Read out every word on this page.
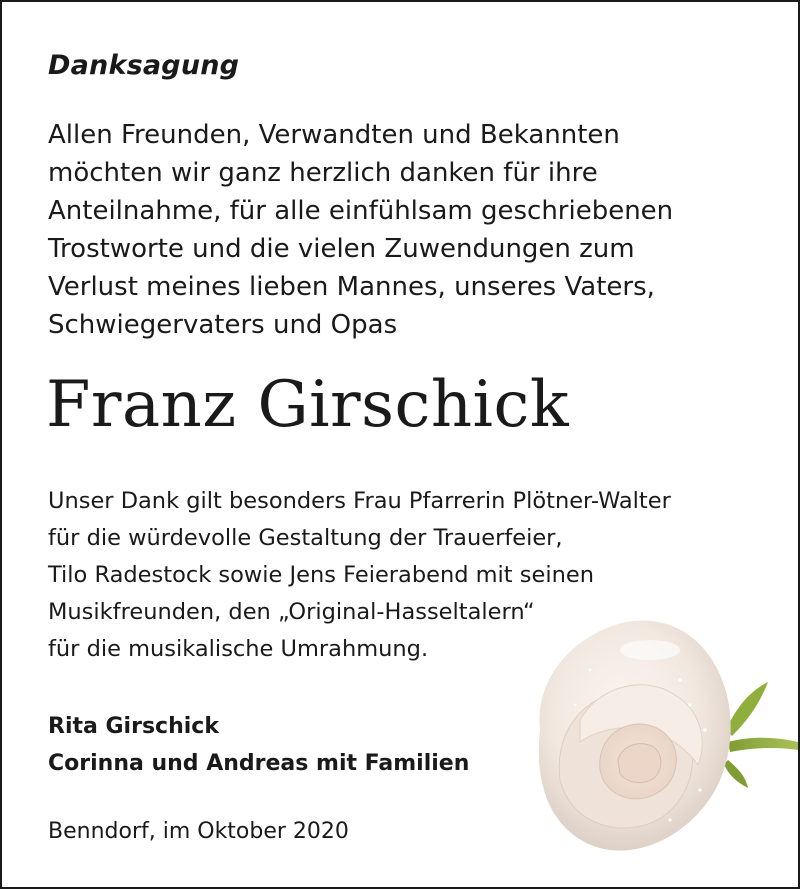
Danksagung
Allen Freunden, Verwandten und Bekannten
möchten wir ganz herzlich danken für ihre
Anteilnahme, für alle einfühlsam geschriebenen
Trostworte und die vielen Zuwendungen zum
Verlust meines lieben Mannes, unseres Vaters,
Schwiegervaters und Opas
Franz Girschick
Unser Dank gilt besonders Frau Pfarrerin Plötner-Walter
für die würdevolle Gestaltung der Trauerfeier,
Tilo Radestock sowie Jens Feierabend mit seinen
Musikfreunden, den „Original-Hasseltalern“
für die musikalische Umrahmung.
Rita Girschick
Corinna und Andreas mit Familien
Benndorf, im Oktober 2020
